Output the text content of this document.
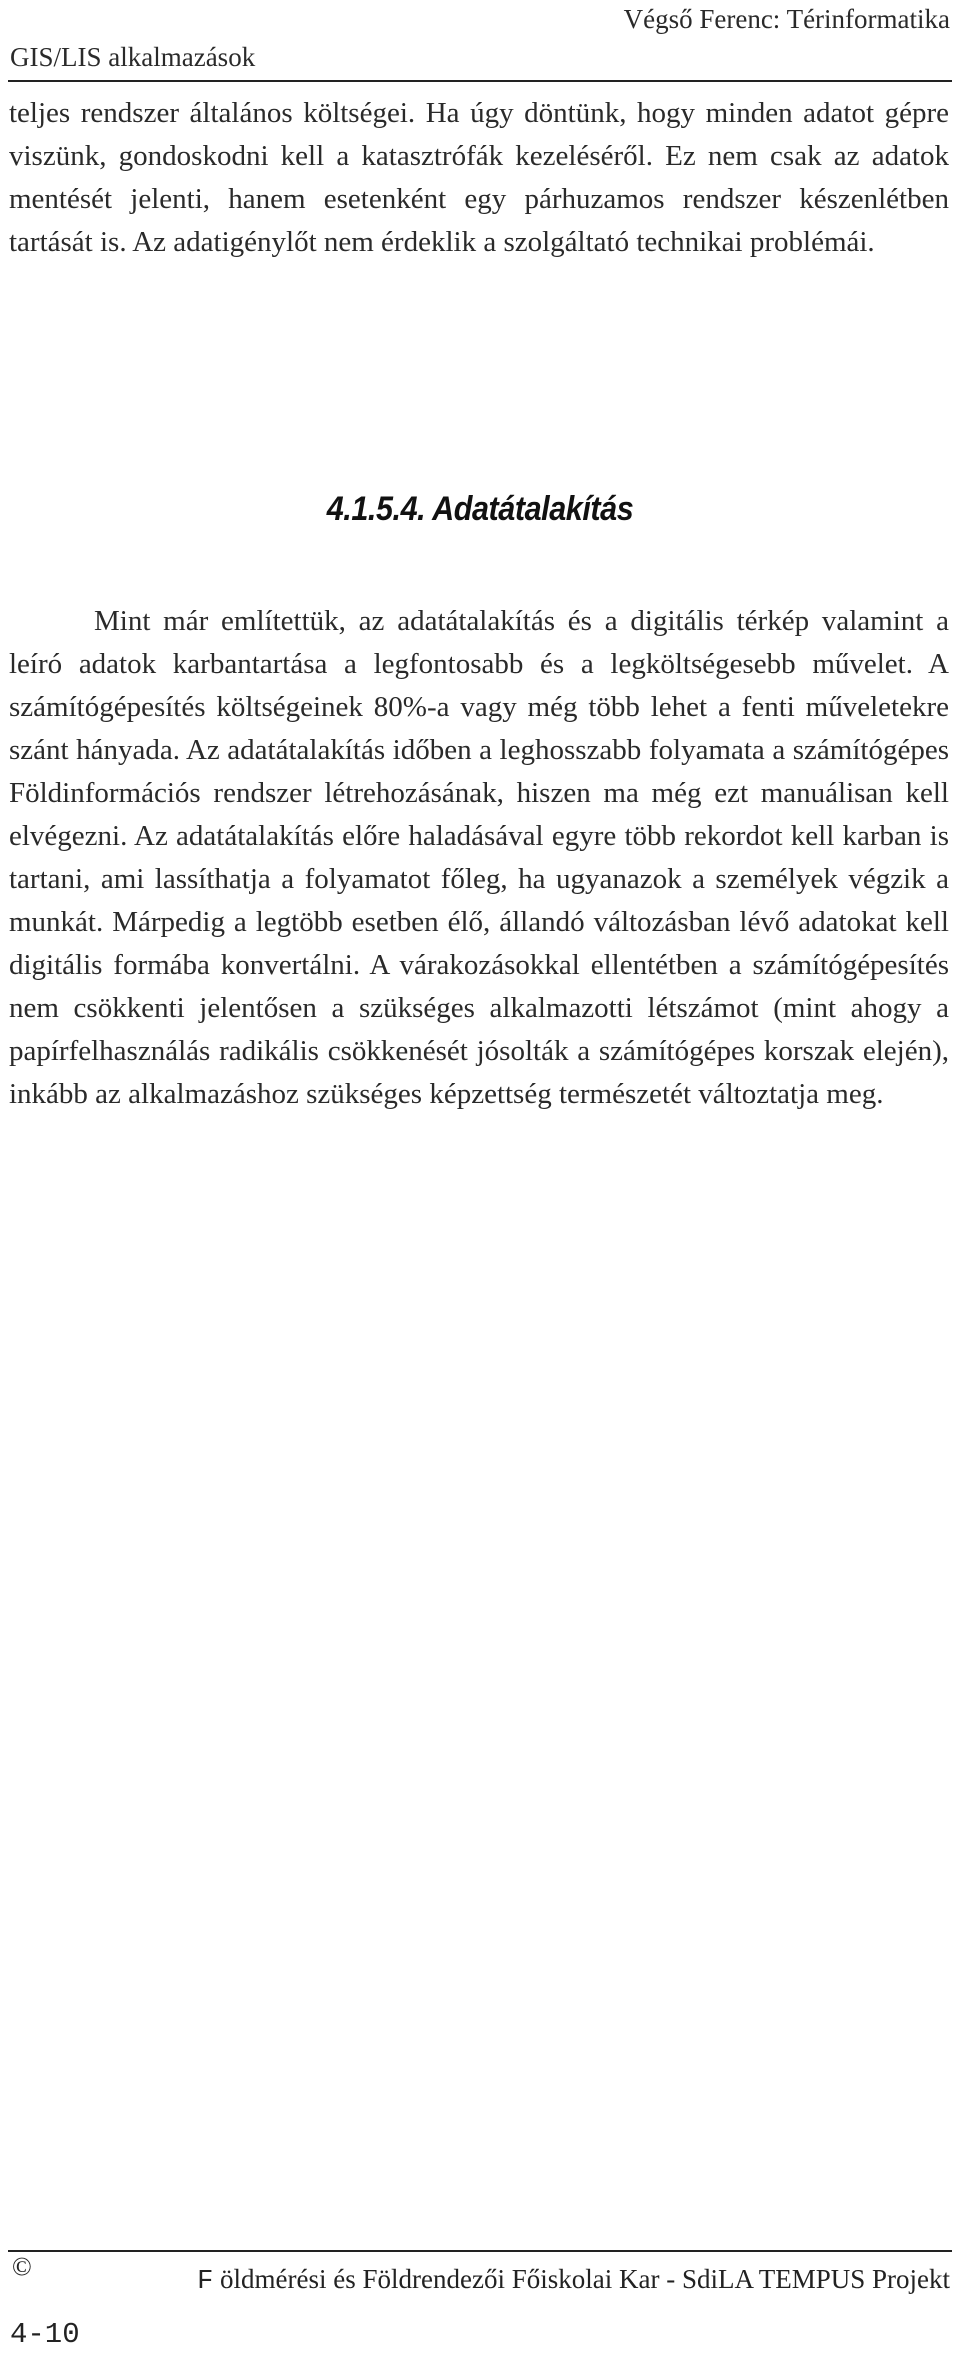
Végső Ferenc: Térinformatika
GIS/LIS alkalmazások

teljes rendszer általános költségei. Ha úgy döntünk, hogy minden adatot gépre viszünk, gondoskodni kell a katasztrófák kezeléséről. Ez nem csak az adatok mentését jelenti, hanem esetenként egy párhuzamos rendszer készenlétben tartását is. Az adatigénylőt nem érdeklik a szolgáltató technikai problémái.

4.1.5.4. Adatátalakítás

Mint már említettük, az adatátalakítás és a digitális térkép valamint a leíró adatok karbantartása a legfontosabb és a legköltségesebb művelet. A számítógépesítés költségeinek 80%-a vagy még több lehet a fenti műveletekre szánt hányada. Az adatátalakítás időben a leghosszabb folyamata a számítógépes Földinformációs rendszer létrehozásának, hiszen ma még ezt manuálisan kell elvégezni. Az adatátalakítás előre haladásával egyre több rekordot kell karban is tartani, ami lassíthatja a folyamatot főleg, ha ugyanazok a személyek végzik a munkát. Márpedig a legtöbb esetben élő, állandó változásban lévő adatokat kell digitális formába konvertálni. A várakozásokkal ellentétben a számítógépesítés nem csökkenti jelentősen a szükséges alkalmazotti létszámot (mint ahogy a papírfelhasználás radikális csökkenését jósolták a számítógépes korszak elején), inkább az alkalmazáshoz szükséges képzettség természetét változtatja meg.

©
F öldmérési és Földrendezői Főiskolai Kar - SdiLA TEMPUS Projekt
4-10
